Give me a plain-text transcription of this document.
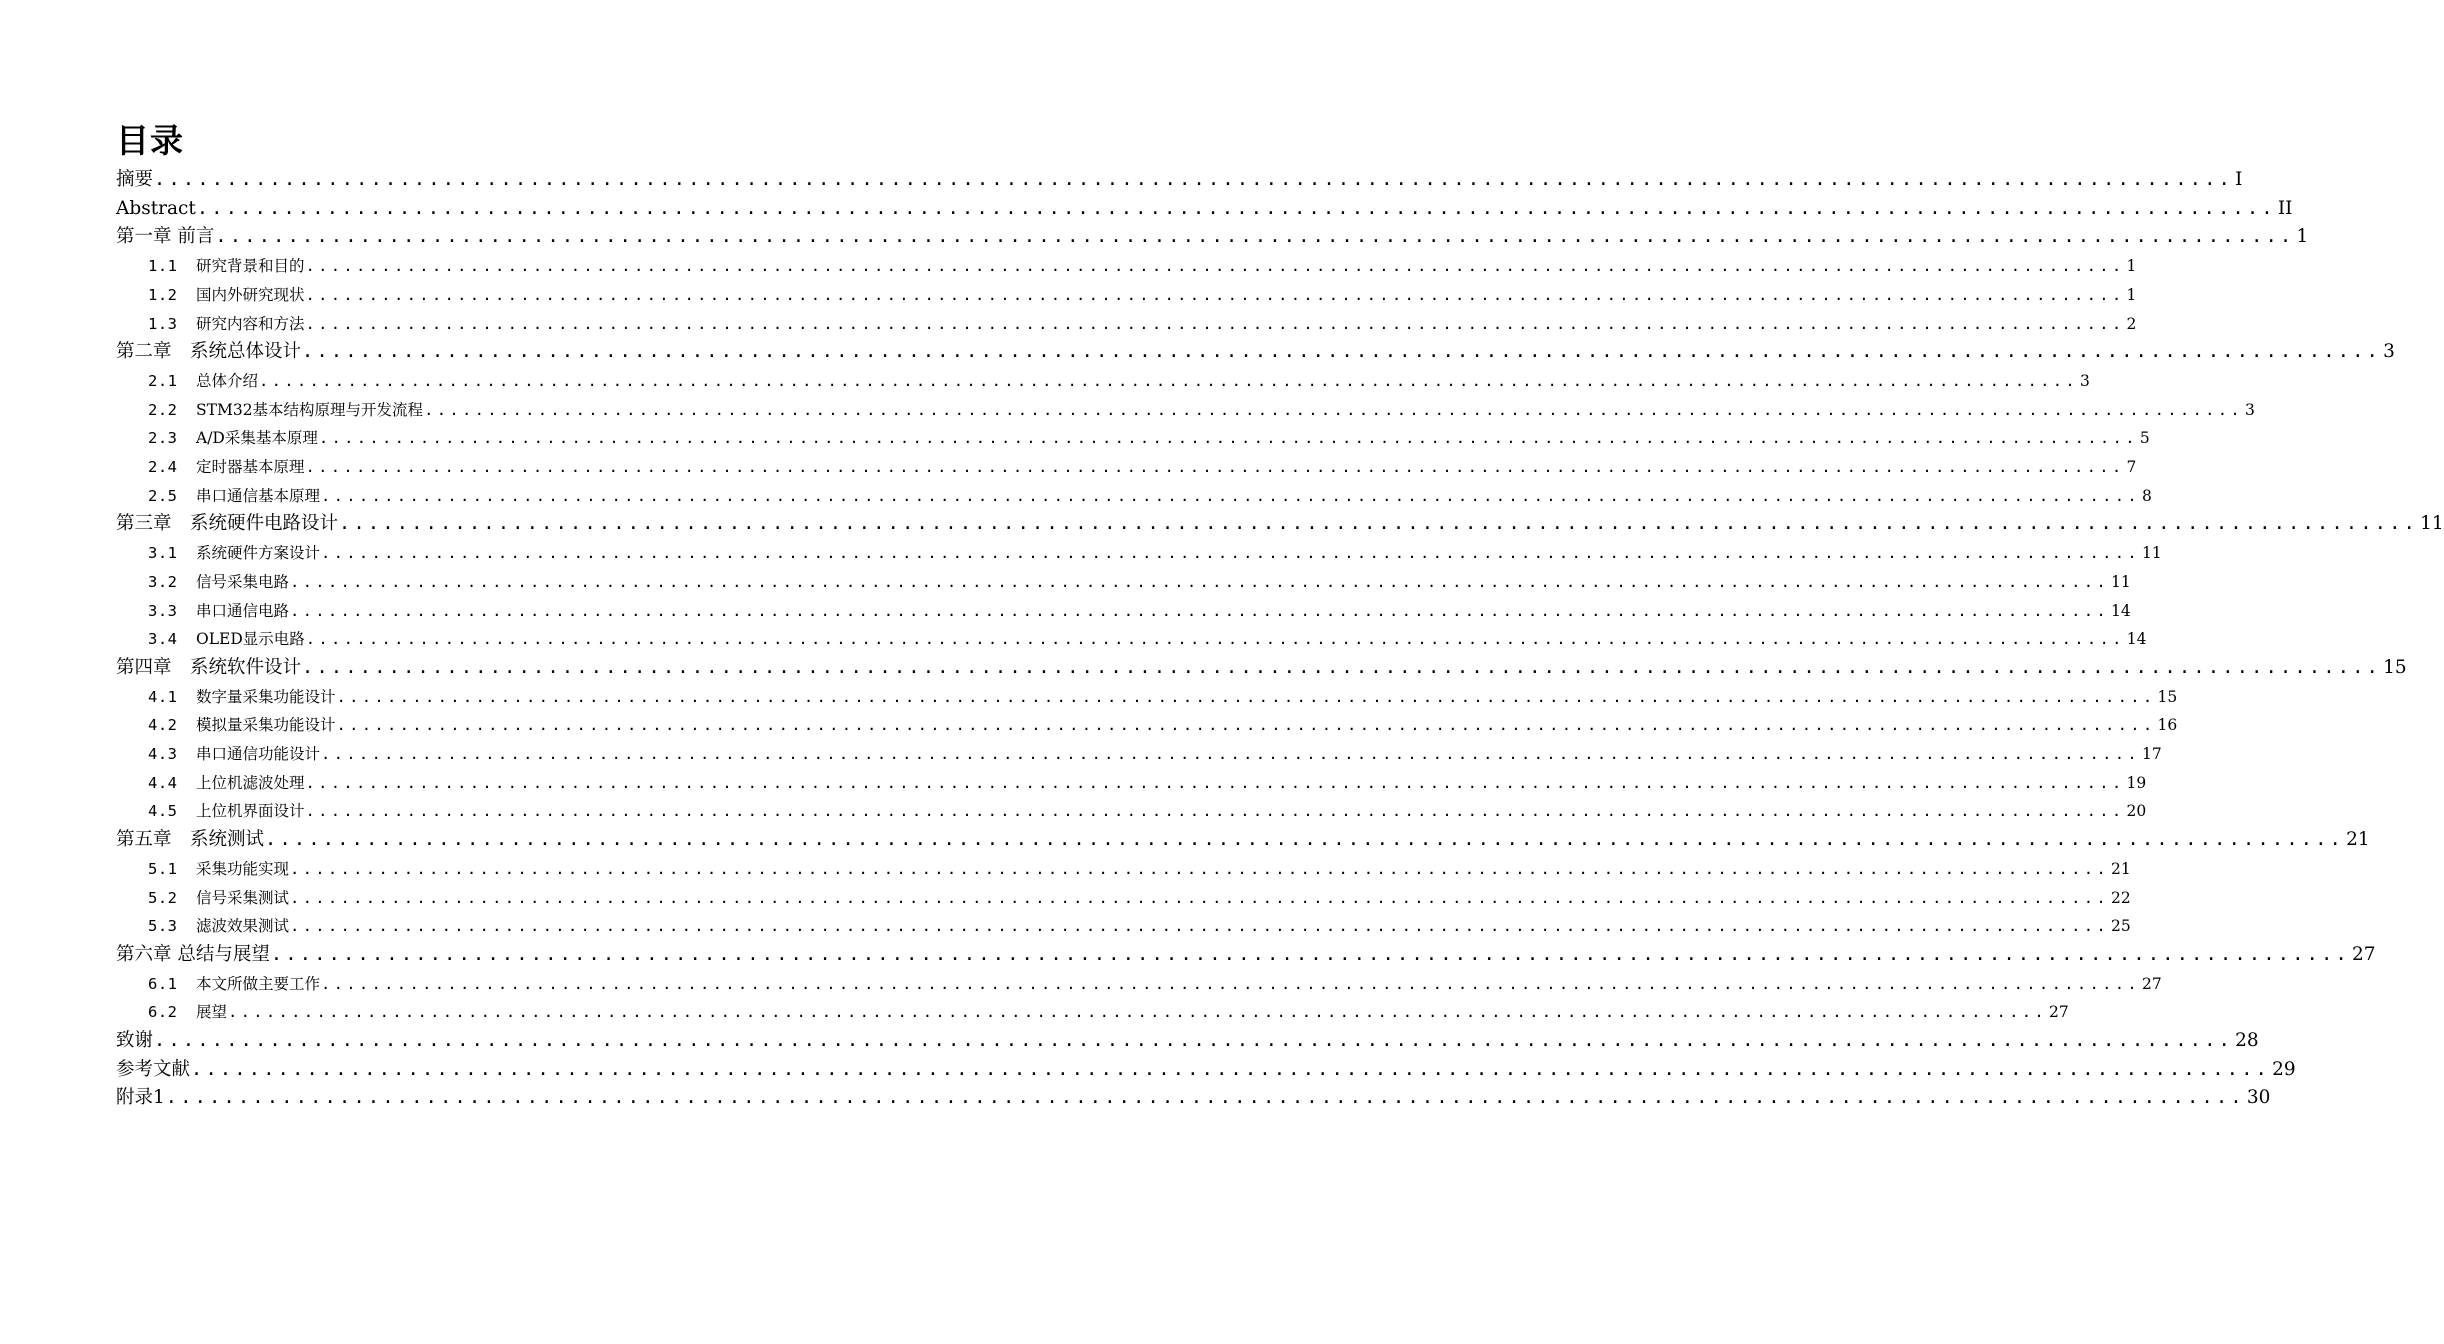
目录
摘要 ................................................................................................................................................ I
Abstract ................................................................................................................................................ II
第一章 前言 ................................................................................................................................................ 1
1.1	研究背景和目的 ................................................................................................................................................ 1
1.2	国内外研究现状 ................................................................................................................................................ 1
1.3	研究内容和方法 ................................................................................................................................................ 2
第二章　系统总体设计 ................................................................................................................................................ 3
2.1	总体介绍 ................................................................................................................................................ 3
2.2	STM32基本结构原理与开发流程 ................................................................................................................................................ 3
2.3	A/D采集基本原理 ................................................................................................................................................ 5
2.4	定时器基本原理 ................................................................................................................................................ 7
2.5	串口通信基本原理 ................................................................................................................................................ 8
第三章　系统硬件电路设计 ................................................................................................................................................ 11
3.1	系统硬件方案设计 ................................................................................................................................................ 11
3.2	信号采集电路 ................................................................................................................................................ 11
3.3	串口通信电路 ................................................................................................................................................ 14
3.4	OLED显示电路 ................................................................................................................................................ 14
第四章　系统软件设计 ................................................................................................................................................ 15
4.1	数字量采集功能设计 ................................................................................................................................................ 15
4.2	模拟量采集功能设计 ................................................................................................................................................ 16
4.3	串口通信功能设计 ................................................................................................................................................ 17
4.4	上位机滤波处理 ................................................................................................................................................ 19
4.5	上位机界面设计 ................................................................................................................................................ 20
第五章　系统测试 ................................................................................................................................................ 21
5.1	采集功能实现 ................................................................................................................................................ 21
5.2	信号采集测试 ................................................................................................................................................ 22
5.3	滤波效果测试 ................................................................................................................................................ 25
第六章 总结与展望 ................................................................................................................................................ 27
6.1	本文所做主要工作 ................................................................................................................................................ 27
6.2	展望 ................................................................................................................................................ 27
致谢 ................................................................................................................................................ 28
参考文献 ................................................................................................................................................ 29
附录1 ................................................................................................................................................ 30
